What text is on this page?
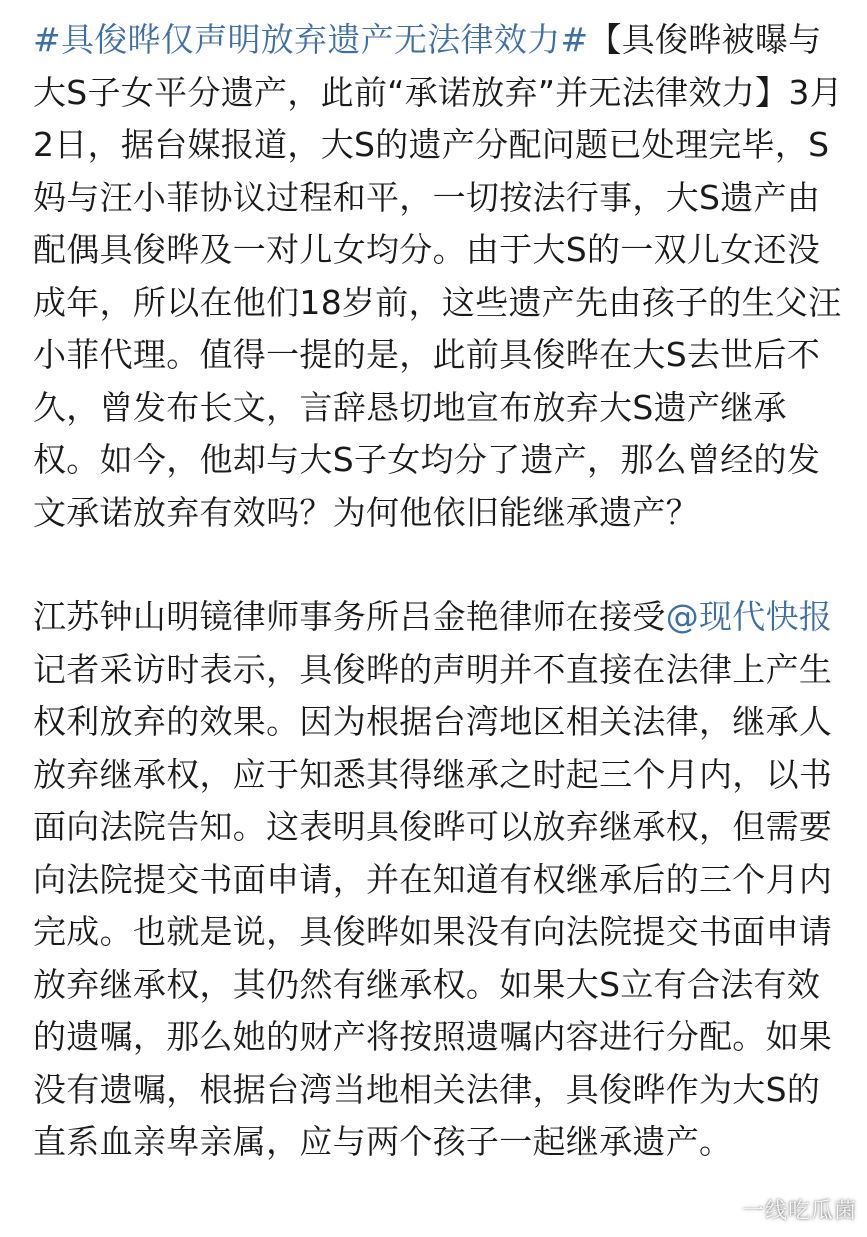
#具俊晔仅声明放弃遗产无法律效力#【具俊晔被曝与大S子女平分遗产，此前“承诺放弃”并无法律效力】3月2日，据台媒报道，大S的遗产分配问题已处理完毕，S妈与汪小菲协议过程和平，一切按法行事，大S遗产由配偶具俊晔及一对儿女均分。由于大S的一双儿女还没成年，所以在他们18岁前，这些遗产先由孩子的生父汪小菲代理。值得一提的是，此前具俊晔在大S去世后不久，曾发布长文，言辞恳切地宣布放弃大S遗产继承权。如今，他却与大S子女均分了遗产，那么曾经的发文承诺放弃有效吗？为何他依旧能继承遗产？

江苏钟山明镜律师事务所吕金艳律师在接受@现代快报 记者采访时表示，具俊晔的声明并不直接在法律上产生权利放弃的效果。因为根据台湾地区相关法律，继承人放弃继承权，应于知悉其得继承之时起三个月内，以书面向法院告知。这表明具俊晔可以放弃继承权，但需要向法院提交书面申请，并在知道有权继承后的三个月内完成。也就是说，具俊晔如果没有向法院提交书面申请放弃继承权，其仍然有继承权。如果大S立有合法有效的遗嘱，那么她的财产将按照遗嘱内容进行分配。如果没有遗嘱，根据台湾当地相关法律，具俊晔作为大S的直系血亲卑亲属，应与两个孩子一起继承遗产。

一线吃瓜菌
